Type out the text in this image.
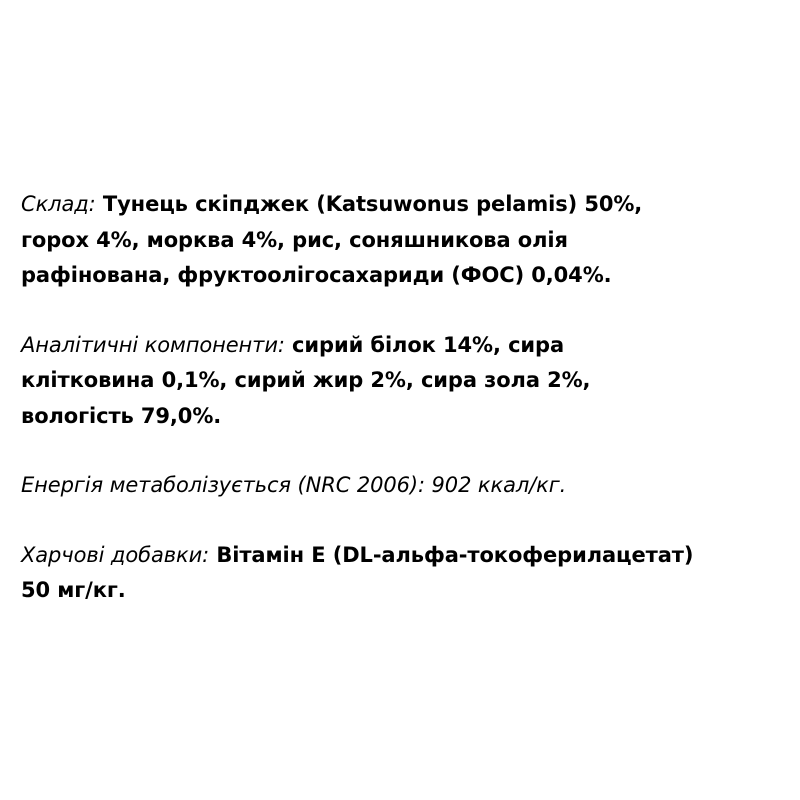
Склад: Тунець скіпджек (Katsuwonus pelamis) 50%,
горох 4%, морква 4%, рис, соняшникова олія
рафінована, фруктоолігосахариди (ФОС) 0,04%.
Аналітичні компоненти: сирий білок 14%, сира
клітковина 0,1%, сирий жир 2%, сира зола 2%,
вологість 79,0%.
Енергія метаболізується (NRC 2006): 902 ккал/кг.
Харчові добавки: Вітамін Е (DL-альфа-токоферилацетат)
50 мг/кг.
